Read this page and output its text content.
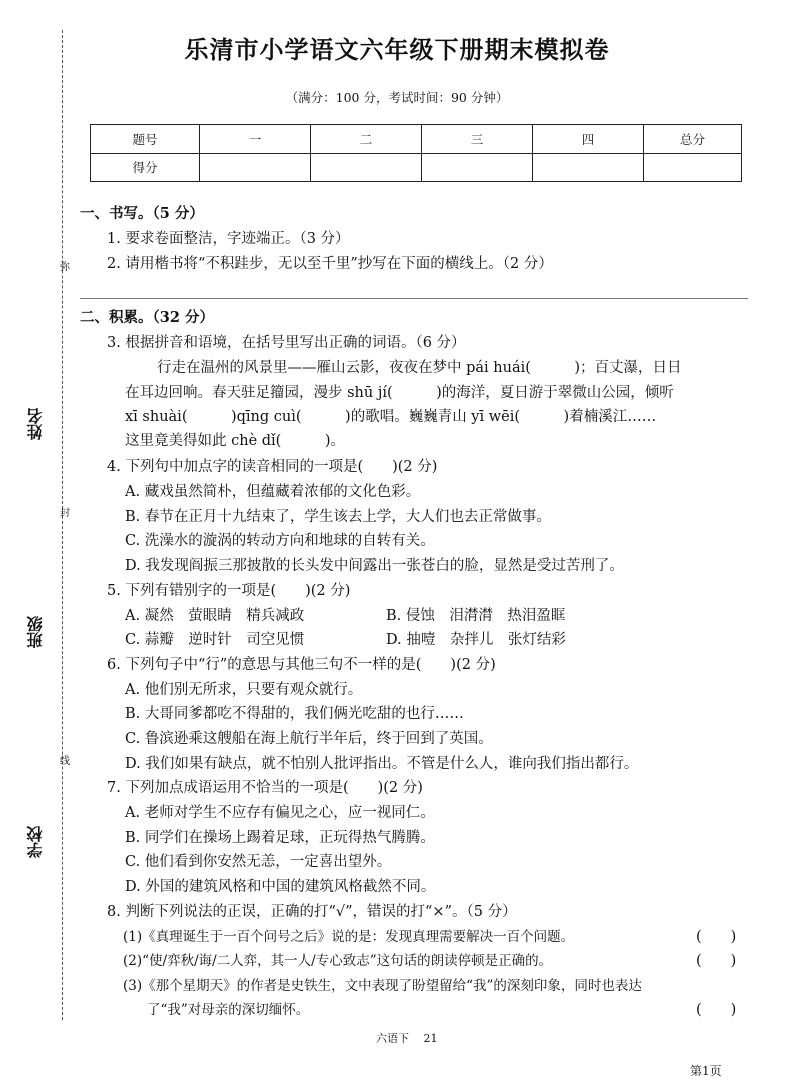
弥
封
线
姓名
班级
学校
乐清市小学语文六年级下册期末模拟卷
（满分：100 分，考试时间：90 分钟）
题号	一	二	三	四	总分
得分					
一、书写。（5 分）
1. 要求卷面整洁，字迹端正。（3 分）
2. 请用楷书将“不积跬步，无以至千里”抄写在下面的横线上。（2 分）
二、积累。（32 分）
3. 根据拼音和语境，在括号里写出正确的词语。（6 分）
行走在温州的风景里——雁山云影，夜夜在梦中 pái huái(　　　)；百丈瀑，日日
在耳边回响。春天驻足籀园，漫步 shū jí(　　　)的海洋，夏日游于翠微山公园，倾听
xī shuài(　　　)qīng cuì(　　　)的歌唱。巍巍青山 yī wēi(　　　)着楠溪江……
这里竟美得如此 chè dǐ(　　　)。
4. 下列句中加点字的读音相同的一项是(　　)(2 分)
A. 藏戏虽然简朴，但蕴藏着浓郁的文化色彩。
B. 春节在正月十九结束了，学生该去上学，大人们也去正常做事。
C. 洗澡水的漩涡的转动方向和地球的自转有关。
D. 我发现阎振三那披散的长头发中间露出一张苍白的脸，显然是受过苦刑了。
5. 下列有错别字的一项是(　　)(2 分)
A. 凝然　萤眼睛　精兵减政	B. 侵蚀　泪潸潸　热泪盈眶
C. 蒜瓣　逆时针　司空见惯	D. 抽噎　杂拌儿　张灯结彩
6. 下列句子中“行”的意思与其他三句不一样的是(　　)(2 分)
A. 他们别无所求，只要有观众就行。
B. 大哥同爹都吃不得甜的，我们俩光吃甜的也行……
C. 鲁滨逊乘这艘船在海上航行半年后，终于回到了英国。
D. 我们如果有缺点，就不怕别人批评指出。不管是什么人，谁向我们指出都行。
7. 下列加点成语运用不恰当的一项是(　　)(2 分)
A. 老师对学生不应存有偏见之心，应一视同仁。
B. 同学们在操场上踢着足球，正玩得热气腾腾。
C. 他们看到你安然无恙，一定喜出望外。
D. 外国的建筑风格和中国的建筑风格截然不同。
8. 判断下列说法的正误，正确的打“√”，错误的打“×”。（5 分）
(1)《真理诞生于一百个问号之后》说的是：发现真理需要解决一百个问题。	(　　)
(2)“使/弈秋/诲/二人弈，其一人/专心致志”这句话的朗读停顿是正确的。	(　　)
(3)《那个星期天》的作者是史铁生，文中表现了盼望留给“我”的深刻印象，同时也表达
了“我”对母亲的深切缅怀。	(　　)
六语下　 21
第1页
